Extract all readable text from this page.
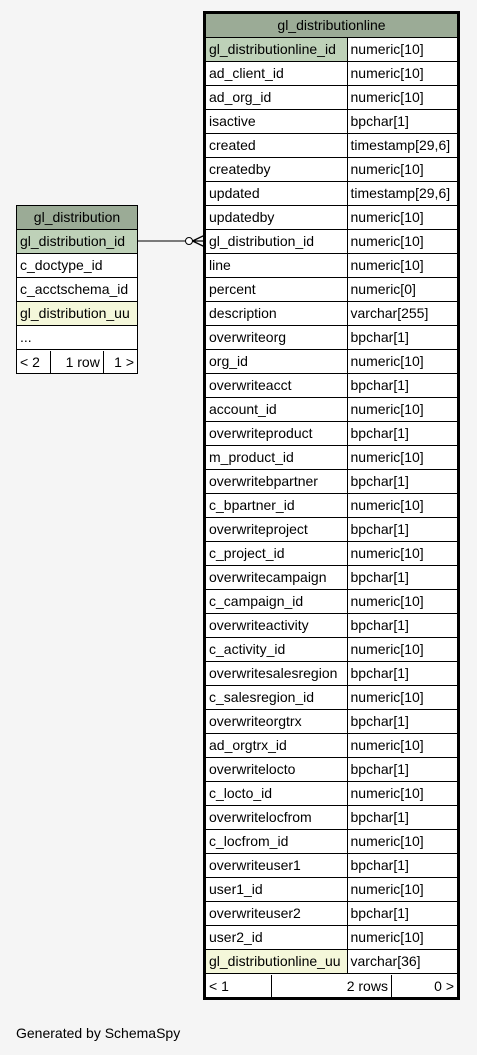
gl_distributionline
gl_distributionline_id	numeric[10]
ad_client_id	numeric[10]
ad_org_id	numeric[10]
isactive	bpchar[1]
created	timestamp[29,6]
createdby	numeric[10]
updated	timestamp[29,6]
updatedby	numeric[10]
gl_distribution_id	numeric[10]
line	numeric[10]
percent	numeric[0]
description	varchar[255]
overwriteorg	bpchar[1]
org_id	numeric[10]
overwriteacct	bpchar[1]
account_id	numeric[10]
overwriteproduct	bpchar[1]
m_product_id	numeric[10]
overwritebpartner	bpchar[1]
c_bpartner_id	numeric[10]
overwriteproject	bpchar[1]
c_project_id	numeric[10]
overwritecampaign	bpchar[1]
c_campaign_id	numeric[10]
overwriteactivity	bpchar[1]
c_activity_id	numeric[10]
overwritesalesregion	bpchar[1]
c_salesregion_id	numeric[10]
overwriteorgtrx	bpchar[1]
ad_orgtrx_id	numeric[10]
overwritelocto	bpchar[1]
c_locto_id	numeric[10]
overwritelocfrom	bpchar[1]
c_locfrom_id	numeric[10]
overwriteuser1	bpchar[1]
user1_id	numeric[10]
overwriteuser2	bpchar[1]
user2_id	numeric[10]
gl_distributionline_uu	varchar[36]

< 1	2 rows	0 >
gl_distribution
gl_distribution_id
c_doctype_id
c_acctschema_id
gl_distribution_uu
...

< 2	1 row	1 >
Generated by SchemaSpy
